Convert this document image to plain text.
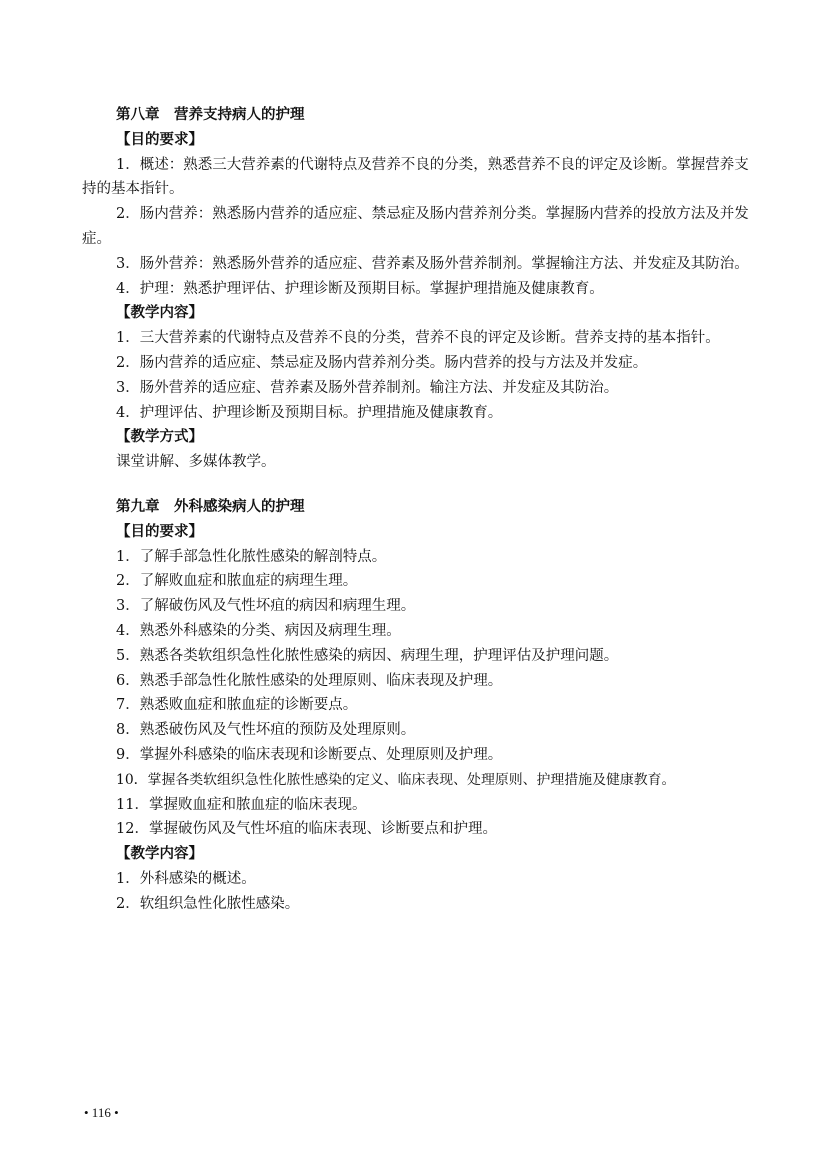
第八章　营养支持病人的护理
【目的要求】
1．概述：熟悉三大营养素的代谢特点及营养不良的分类，熟悉营养不良的评定及诊断。掌握营养支持的基本指针。
2．肠内营养：熟悉肠内营养的适应症、禁忌症及肠内营养剂分类。掌握肠内营养的投放方法及并发症。
3．肠外营养：熟悉肠外营养的适应症、营养素及肠外营养制剂。掌握输注方法、并发症及其防治。
4．护理：熟悉护理评估、护理诊断及预期目标。掌握护理措施及健康教育。
【教学内容】
1．三大营养素的代谢特点及营养不良的分类，营养不良的评定及诊断。营养支持的基本指针。
2．肠内营养的适应症、禁忌症及肠内营养剂分类。肠内营养的投与方法及并发症。
3．肠外营养的适应症、营养素及肠外营养制剂。输注方法、并发症及其防治。
4．护理评估、护理诊断及预期目标。护理措施及健康教育。
【教学方式】
课堂讲解、多媒体教学。
第九章　外科感染病人的护理
【目的要求】
1．了解手部急性化脓性感染的解剖特点。
2．了解败血症和脓血症的病理生理。
3．了解破伤风及气性坏疽的病因和病理生理。
4．熟悉外科感染的分类、病因及病理生理。
5．熟悉各类软组织急性化脓性感染的病因、病理生理，护理评估及护理问题。
6．熟悉手部急性化脓性感染的处理原则、临床表现及护理。
7．熟悉败血症和脓血症的诊断要点。
8．熟悉破伤风及气性坏疽的预防及处理原则。
9．掌握外科感染的临床表现和诊断要点、处理原则及护理。
10．掌握各类软组织急性化脓性感染的定义、临床表现、处理原则、护理措施及健康教育。
11．掌握败血症和脓血症的临床表现。
12．掌握破伤风及气性坏疽的临床表现、诊断要点和护理。
【教学内容】
1．外科感染的概述。
2．软组织急性化脓性感染。
• 116 •
